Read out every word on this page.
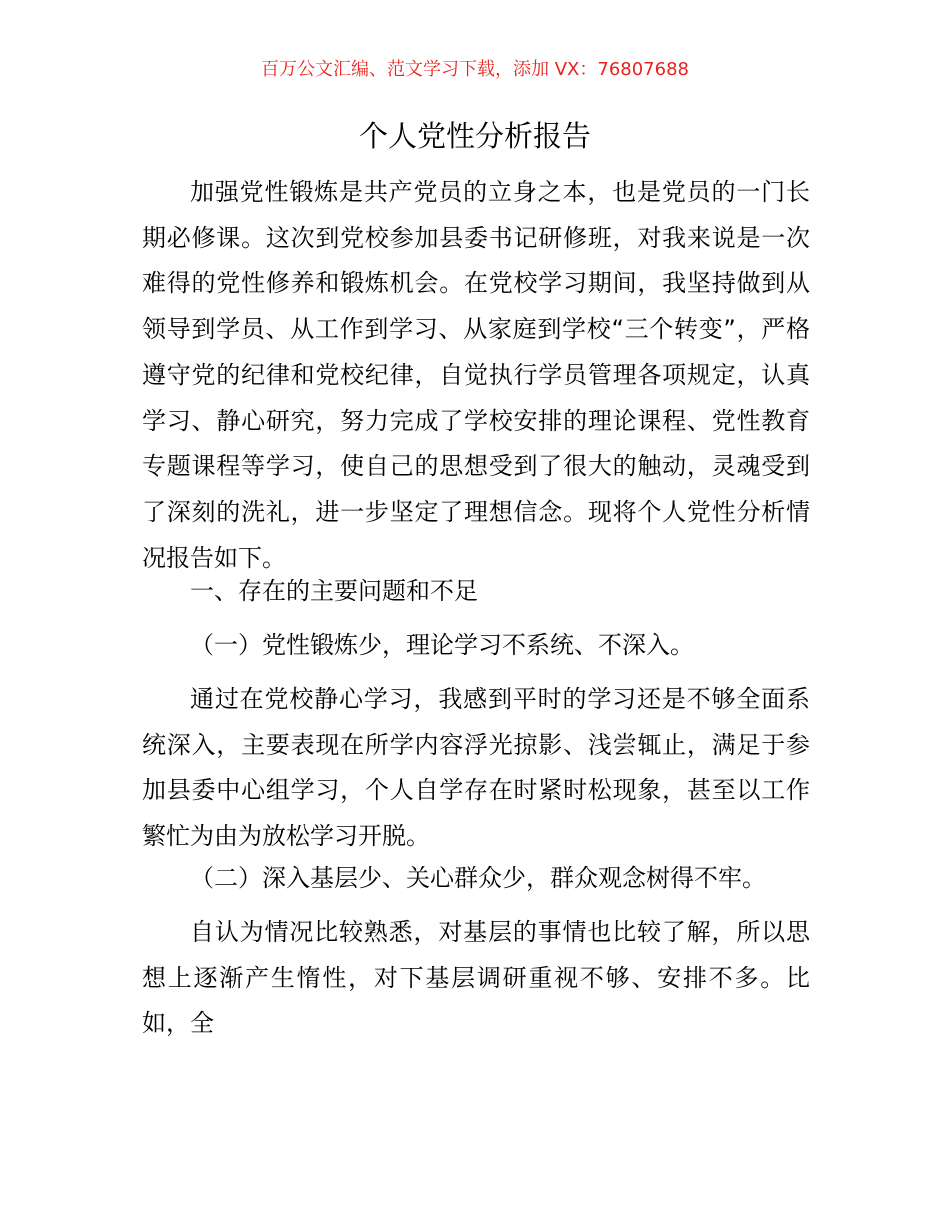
百万公文汇编、范文学习下载，添加 VX：76807688
个人党性分析报告

加强党性锻炼是共产党员的立身之本，也是党员的一门长期必修课。这次到党校参加县委书记研修班，对我来说是一次难得的党性修养和锻炼机会。在党校学习期间，我坚持做到从领导到学员、从工作到学习、从家庭到学校“三个转变”，严格遵守党的纪律和党校纪律，自觉执行学员管理各项规定，认真学习、静心研究，努力完成了学校安排的理论课程、党性教育专题课程等学习，使自己的思想受到了很大的触动，灵魂受到了深刻的洗礼，进一步坚定了理想信念。现将个人党性分析情况报告如下。

一、存在的主要问题和不足

（一）党性锻炼少，理论学习不系统、不深入。

通过在党校静心学习，我感到平时的学习还是不够全面系统深入，主要表现在所学内容浮光掠影、浅尝辄止，满足于参加县委中心组学习，个人自学存在时紧时松现象，甚至以工作繁忙为由为放松学习开脱。

（二）深入基层少、关心群众少，群众观念树得不牢。

自认为情况比较熟悉，对基层的事情也比较了解，所以思想上逐渐产生惰性，对下基层调研重视不够、安排不多。比如，全
